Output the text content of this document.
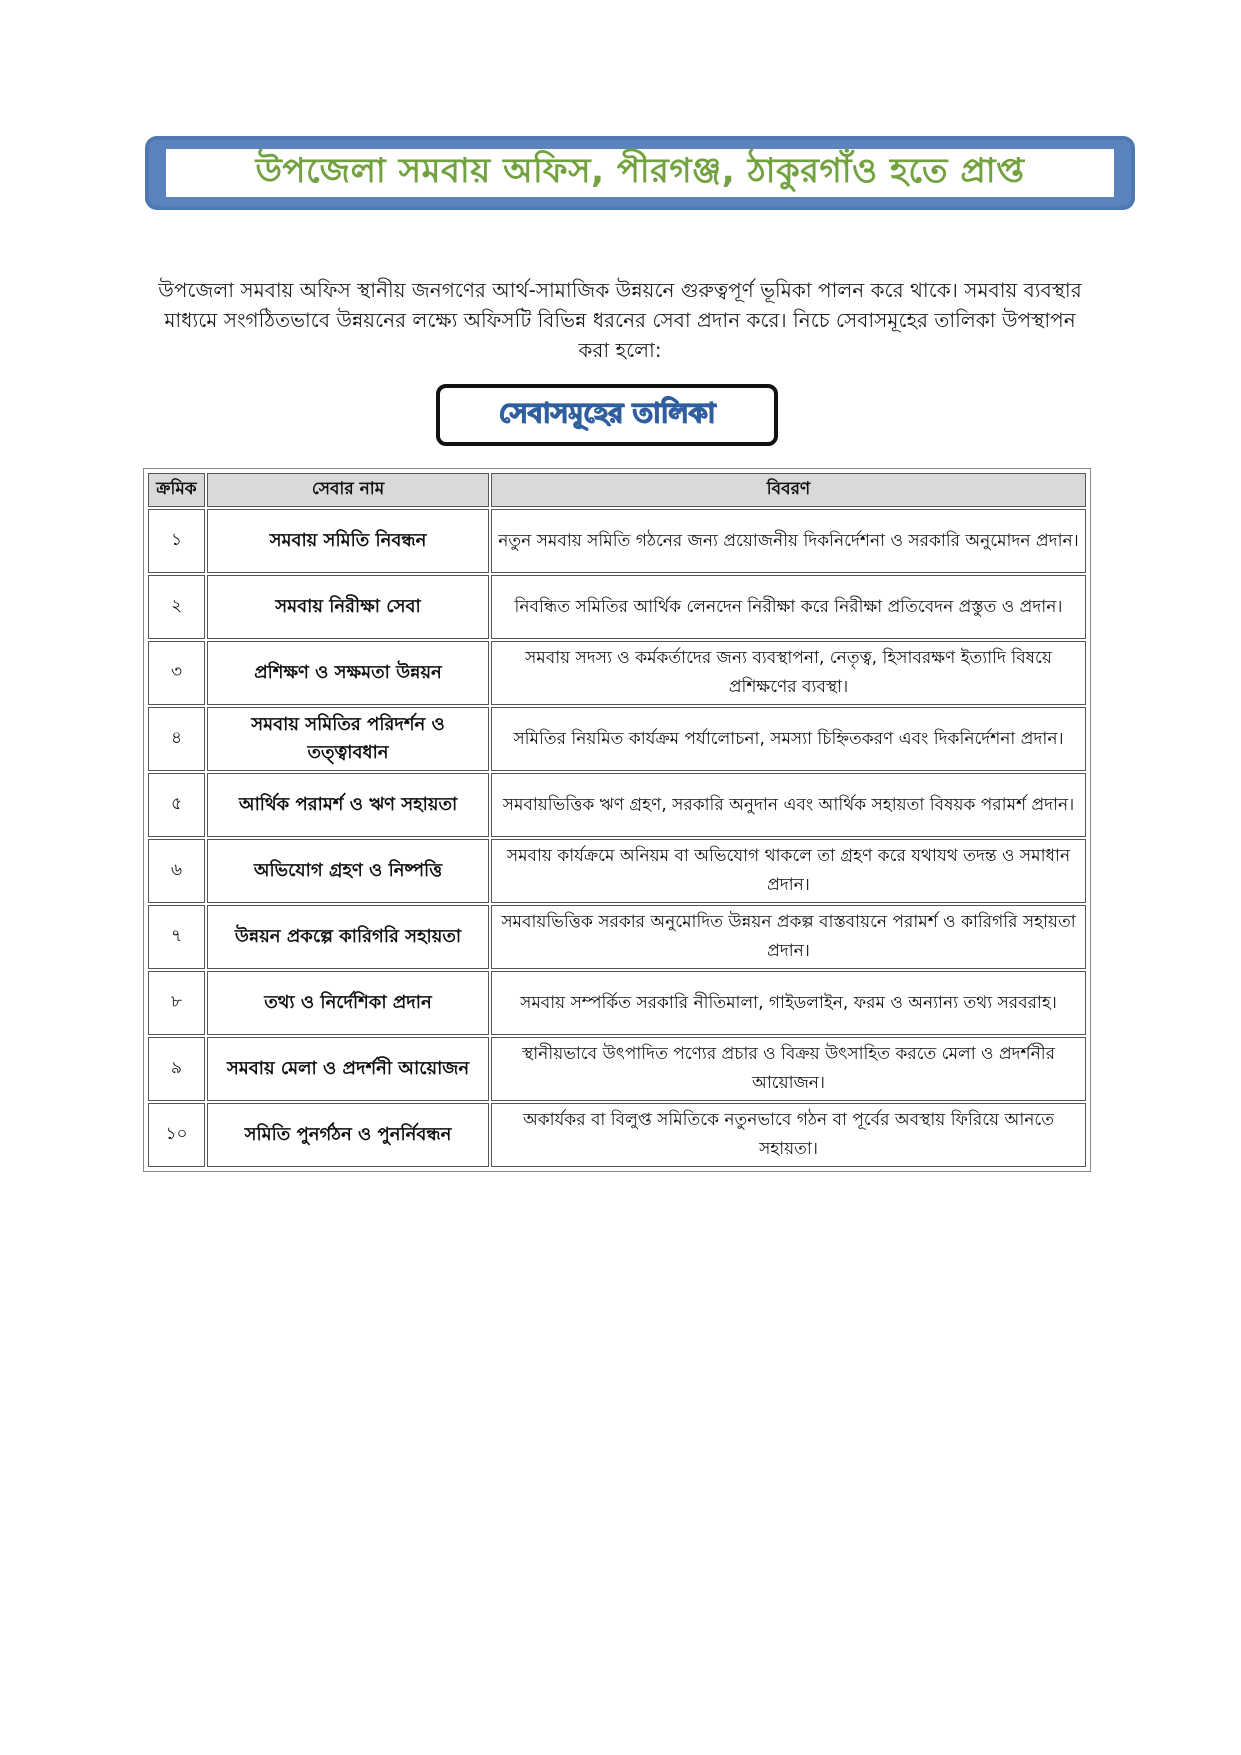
উপজেলা সমবায় অফিস, পীরগঞ্জ, ঠাকুরগাঁও হতে প্রাপ্ত

উপজেলা সমবায় অফিস স্থানীয় জনগণের আর্থ-সামাজিক উন্নয়নে গুরুত্বপূর্ণ ভূমিকা পালন করে থাকে। সমবায় ব্যবস্থার মাধ্যমে সংগঠিতভাবে উন্নয়নের লক্ষ্যে অফিসটি বিভিন্ন ধরনের সেবা প্রদান করে। নিচে সেবাসমূহের তালিকা উপস্থাপন করা হলো:

সেবাসমূহের তালিকা
ক্রমিক	সেবার নাম	বিবরণ
১	সমবায় সমিতি নিবন্ধন	নতুন সমবায় সমিতি গঠনের জন্য প্রয়োজনীয় দিকনির্দেশনা ও সরকারি অনুমোদন প্রদান।
২	সমবায় নিরীক্ষা সেবা	নিবন্ধিত সমিতির আর্থিক লেনদেন নিরীক্ষা করে নিরীক্ষা প্রতিবেদন প্রস্তুত ও প্রদান।
৩	প্রশিক্ষণ ও সক্ষমতা উন্নয়ন	সমবায় সদস্য ও কর্মকর্তাদের জন্য ব্যবস্থাপনা, নেতৃত্ব, হিসাবরক্ষণ ইত্যাদি বিষয়ে প্রশিক্ষণের ব্যবস্থা।
৪	সমবায় সমিতির পরিদর্শন ও তত্ত্বাবধান	সমিতির নিয়মিত কার্যক্রম পর্যালোচনা, সমস্যা চিহ্নিতকরণ এবং দিকনির্দেশনা প্রদান।
৫	আর্থিক পরামর্শ ও ঋণ সহায়তা	সমবায়ভিত্তিক ঋণ গ্রহণ, সরকারি অনুদান এবং আর্থিক সহায়তা বিষয়ক পরামর্শ প্রদান।
৬	অভিযোগ গ্রহণ ও নিষ্পত্তি	সমবায় কার্যক্রমে অনিয়ম বা অভিযোগ থাকলে তা গ্রহণ করে যথাযথ তদন্ত ও সমাধান প্রদান।
৭	উন্নয়ন প্রকল্পে কারিগরি সহায়তা	সমবায়ভিত্তিক সরকার অনুমোদিত উন্নয়ন প্রকল্প বাস্তবায়নে পরামর্শ ও কারিগরি সহায়তা প্রদান।
৮	তথ্য ও নির্দেশিকা প্রদান	সমবায় সম্পর্কিত সরকারি নীতিমালা, গাইডলাইন, ফরম ও অন্যান্য তথ্য সরবরাহ।
৯	সমবায় মেলা ও প্রদর্শনী আয়োজন	স্থানীয়ভাবে উৎপাদিত পণ্যের প্রচার ও বিক্রয় উৎসাহিত করতে মেলা ও প্রদর্শনীর আয়োজন।
১০	সমিতি পুনর্গঠন ও পুনর্নিবন্ধন	অকার্যকর বা বিলুপ্ত সমিতিকে নতুনভাবে গঠন বা পূর্বের অবস্থায় ফিরিয়ে আনতে সহায়তা।
